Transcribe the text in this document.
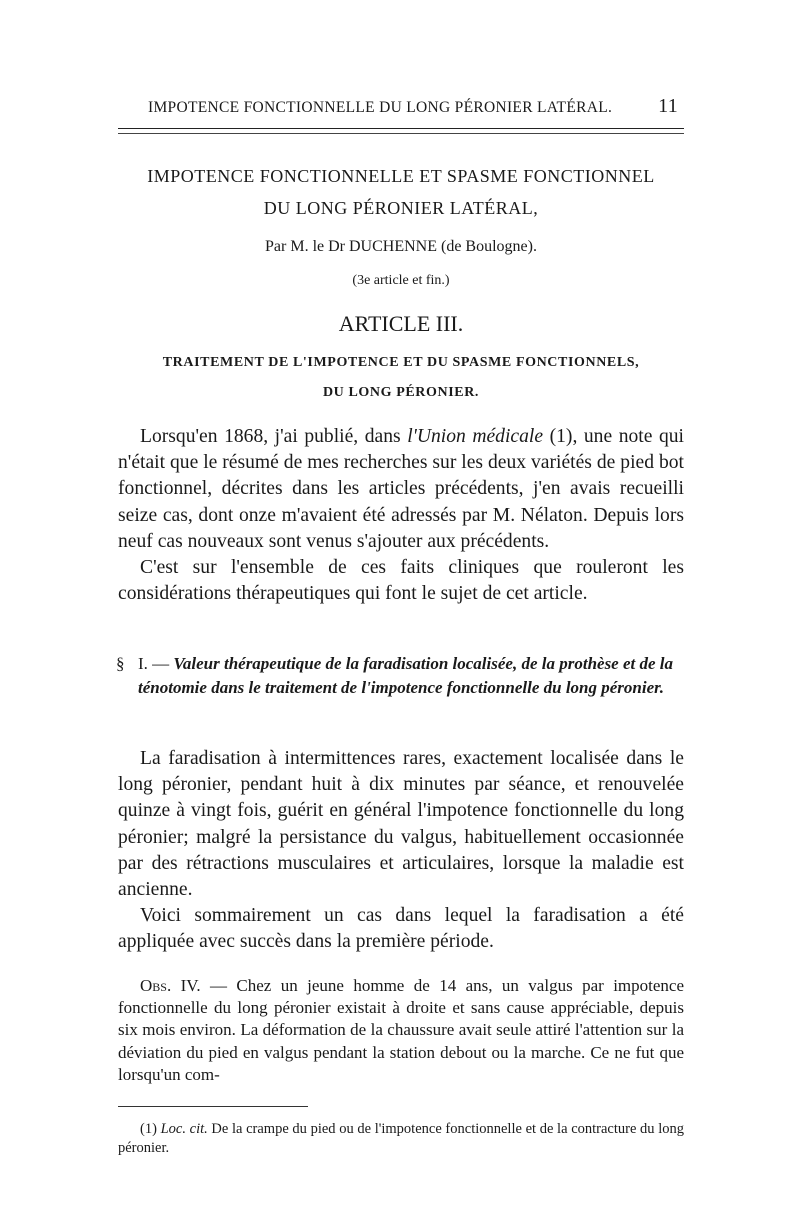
IMPOTENCE FONCTIONNELLE DU LONG PÉRONIER LATÉRAL. 11
IMPOTENCE FONCTIONNELLE ET SPASME FONCTIONNEL
DU LONG PÉRONIER LATÉRAL,
Par M. le Dr DUCHENNE (de Boulogne).
(3e article et fin.)
ARTICLE III.
TRAITEMENT DE L'IMPOTENCE ET DU SPASME FONCTIONNELS,
DU LONG PÉRONIER.

Lorsqu'en 1868, j'ai publié, dans l'Union médicale (1), une note qui n'était que le résumé de mes recherches sur les deux variétés de pied bot fonctionnel, décrites dans les articles précédents, j'en avais recueilli seize cas, dont onze m'avaient été adressés par M. Nélaton. Depuis lors neuf cas nouveaux sont venus s'ajouter aux précédents.

C'est sur l'ensemble de ces faits cliniques que rouleront les considérations thérapeutiques qui font le sujet de cet article.

§ I. — Valeur thérapeutique de la faradisation localisée, de la prothèse et de la ténotomie dans le traitement de l'impotence fonctionnelle du long péronier.

La faradisation à intermittences rares, exactement localisée dans le long péronier, pendant huit à dix minutes par séance, et renouvelée quinze à vingt fois, guérit en général l'impotence fonctionnelle du long péronier; malgré la persistance du valgus, habituellement occasionnée par des rétractions musculaires et articulaires, lorsque la maladie est ancienne.

Voici sommairement un cas dans lequel la faradisation a été appliquée avec succès dans la première période.

Obs. IV. — Chez un jeune homme de 14 ans, un valgus par impotence fonctionnelle du long péronier existait à droite et sans cause appréciable, depuis six mois environ. La déformation de la chaussure avait seule attiré l'attention sur la déviation du pied en valgus pendant la station debout ou la marche. Ce ne fut que lorsqu'un com-

(1) Loc. cit. De la crampe du pied ou de l'impotence fonctionnelle et de la contracture du long péronier.
